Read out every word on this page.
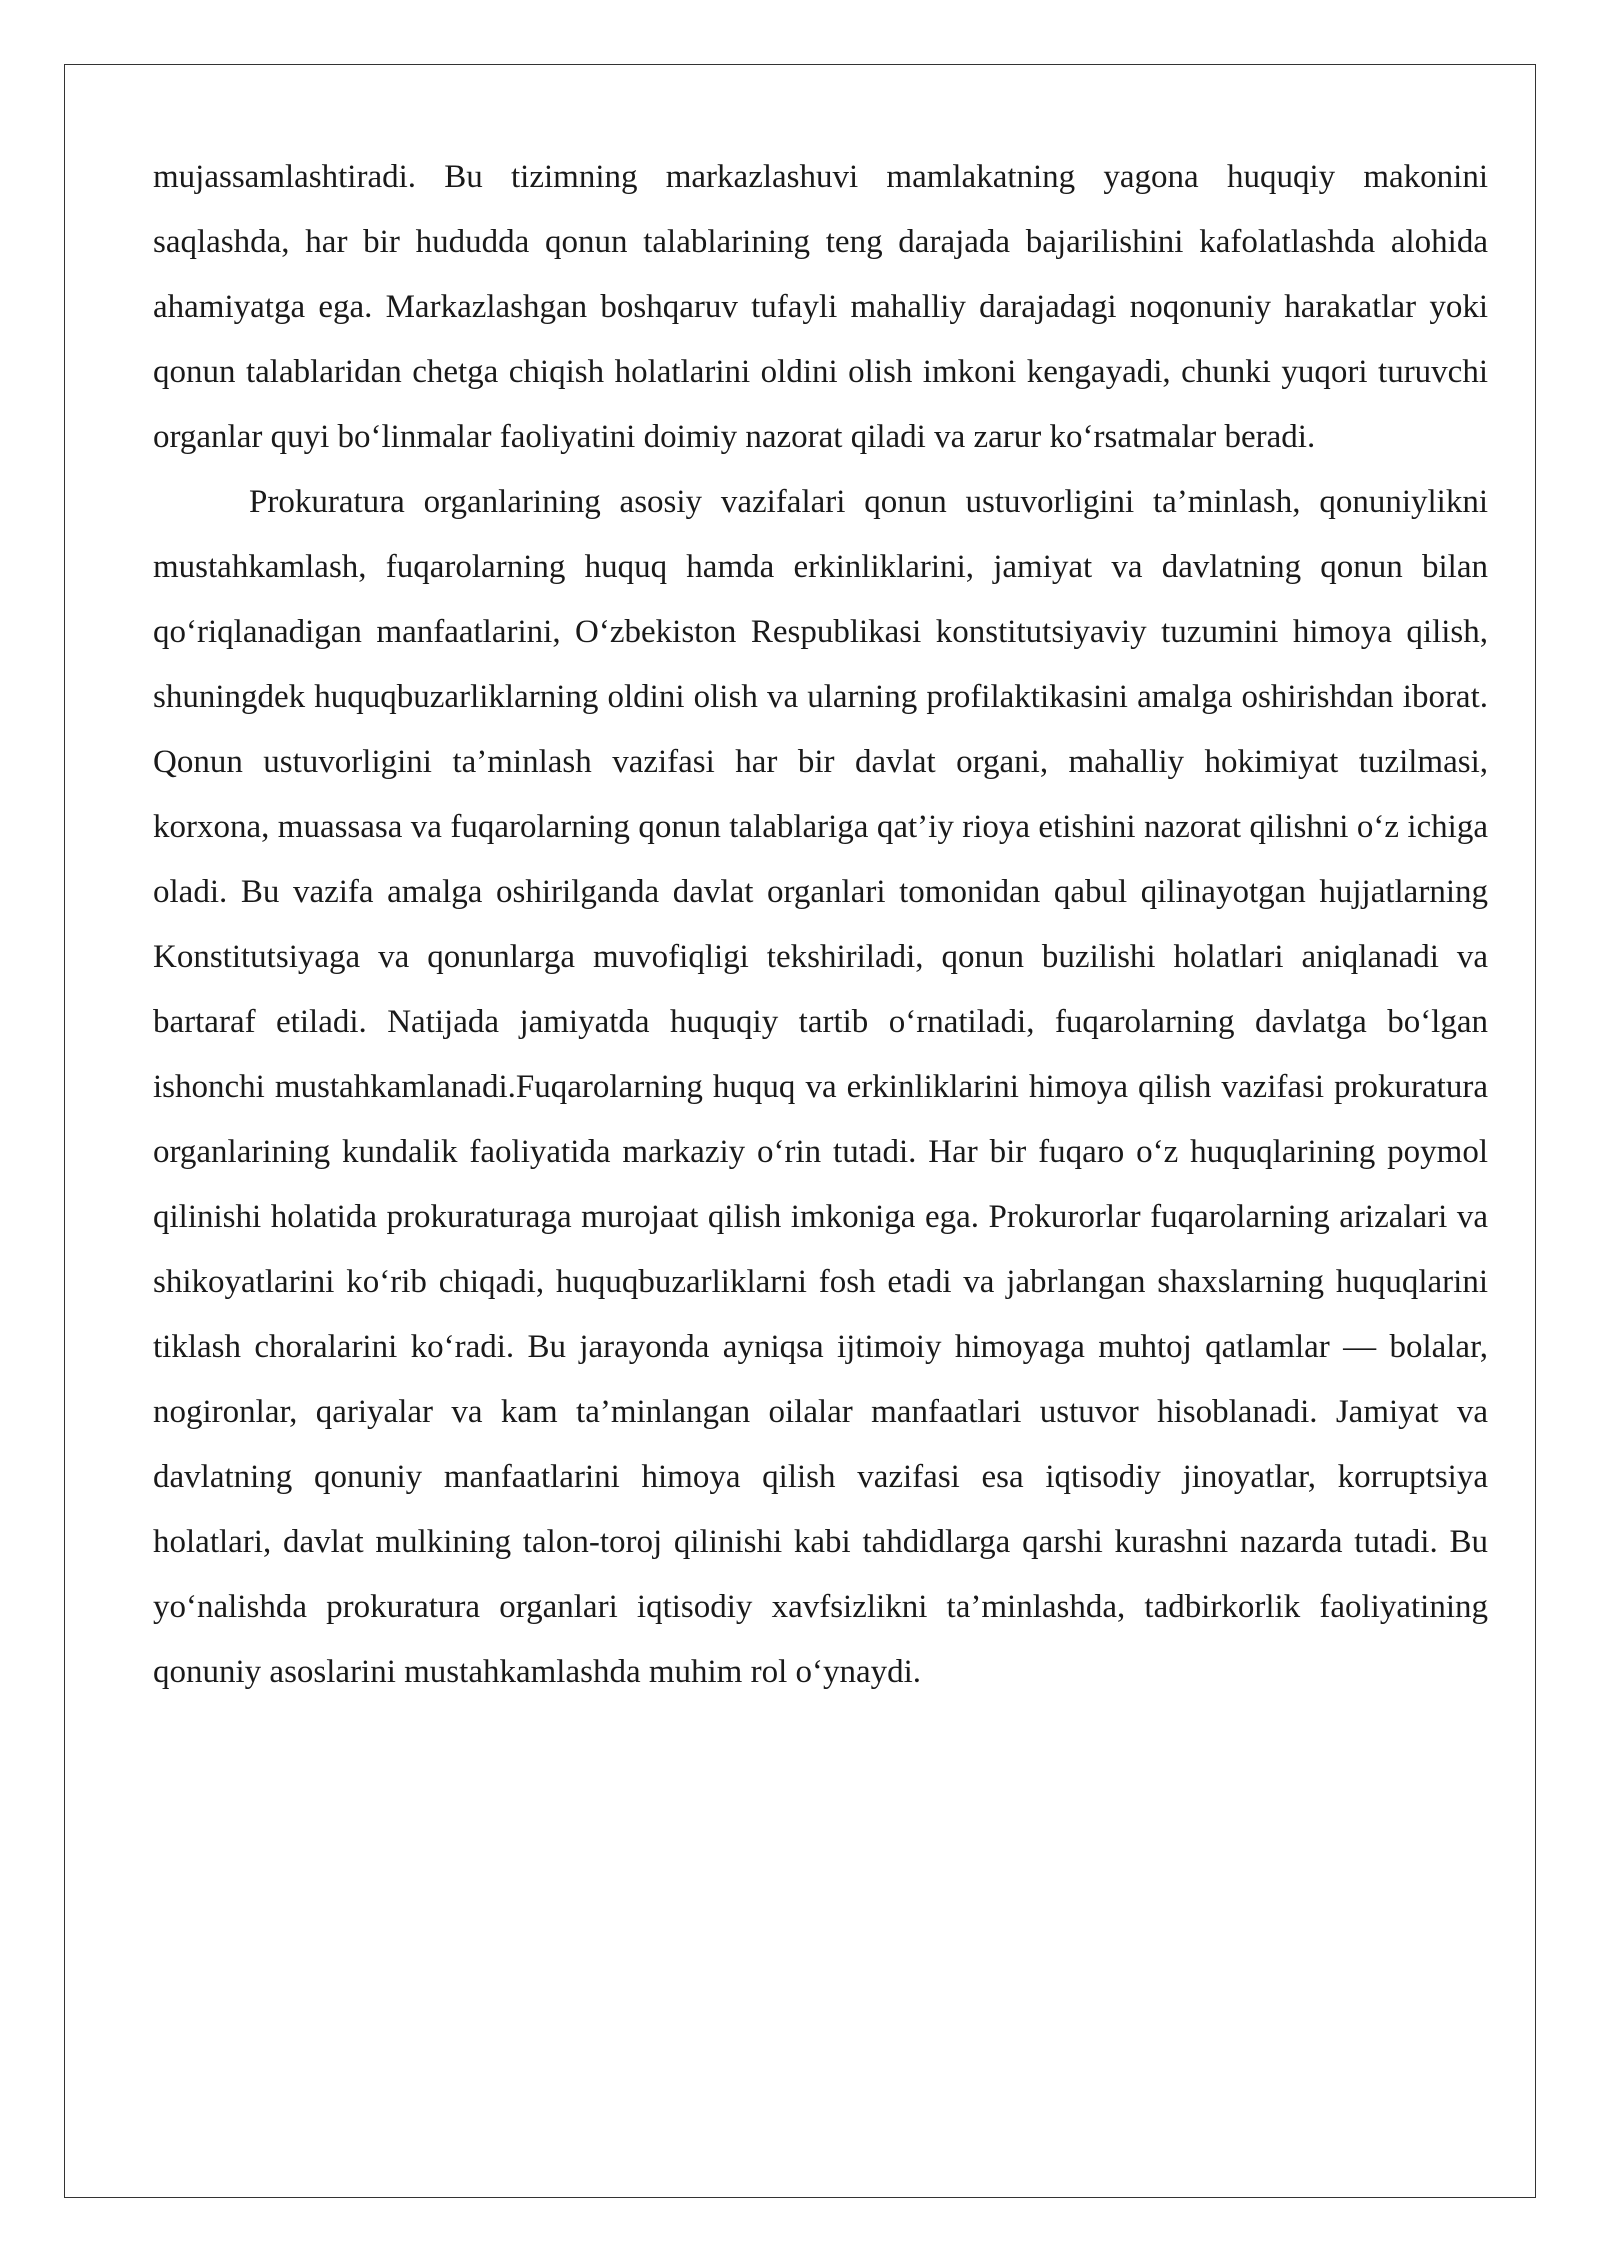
mujassamlashtiradi. Bu tizimning markazlashuvi mamlakatning yagona huquqiy makonini saqlashda, har bir hududda qonun talablarining teng darajada bajarilishini kafolatlashda alohida ahamiyatga ega. Markazlashgan boshqaruv tufayli mahalliy darajadagi noqonuniy harakatlar yoki qonun talablaridan chetga chiqish holatlarini oldini olish imkoni kengayadi, chunki yuqori turuvchi organlar quyi bo‘linmalar faoliyatini doimiy nazorat qiladi va zarur ko‘rsatmalar beradi.

Prokuratura organlarining asosiy vazifalari qonun ustuvorligini ta’minlash, qonuniylikni mustahkamlash, fuqarolarning huquq hamda erkinliklarini, jamiyat va davlatning qonun bilan qo‘riqlanadigan manfaatlarini, O‘zbekiston Respublikasi konstitutsiyaviy tuzumini himoya qilish, shuningdek huquqbuzarliklarning oldini olish va ularning profilaktikasini amalga oshirishdan iborat. Qonun ustuvorligini ta’minlash vazifasi har bir davlat organi, mahalliy hokimiyat tuzilmasi, korxona, muassasa va fuqarolarning qonun talablariga qat’iy rioya etishini nazorat qilishni o‘z ichiga oladi. Bu vazifa amalga oshirilganda davlat organlari tomonidan qabul qilinayotgan hujjatlarning Konstitutsiyaga va qonunlarga muvofiqligi tekshiriladi, qonun buzilishi holatlari aniqlanadi va bartaraf etiladi. Natijada jamiyatda huquqiy tartib o‘rnatiladi, fuqarolarning davlatga bo‘lgan ishonchi mustahkamlanadi.Fuqarolarning huquq va erkinliklarini himoya qilish vazifasi prokuratura organlarining kundalik faoliyatida markaziy o‘rin tutadi. Har bir fuqaro o‘z huquqlarining poymol qilinishi holatida prokuraturaga murojaat qilish imkoniga ega. Prokurorlar fuqarolarning arizalari va shikoyatlarini ko‘rib chiqadi, huquqbuzarliklarni fosh etadi va jabrlangan shaxslarning huquqlarini tiklash choralarini ko‘radi. Bu jarayonda ayniqsa ijtimoiy himoyaga muhtoj qatlamlar — bolalar, nogironlar, qariyalar va kam ta’minlangan oilalar manfaatlari ustuvor hisoblanadi. Jamiyat va davlatning qonuniy manfaatlarini himoya qilish vazifasi esa iqtisodiy jinoyatlar, korruptsiya holatlari, davlat mulkining talon-toroj qilinishi kabi tahdidlarga qarshi kurashni nazarda tutadi. Bu yo‘nalishda prokuratura organlari iqtisodiy xavfsizlikni ta’minlashda, tadbirkorlik faoliyatining qonuniy asoslarini mustahkamlashda muhim rol o‘ynaydi.
